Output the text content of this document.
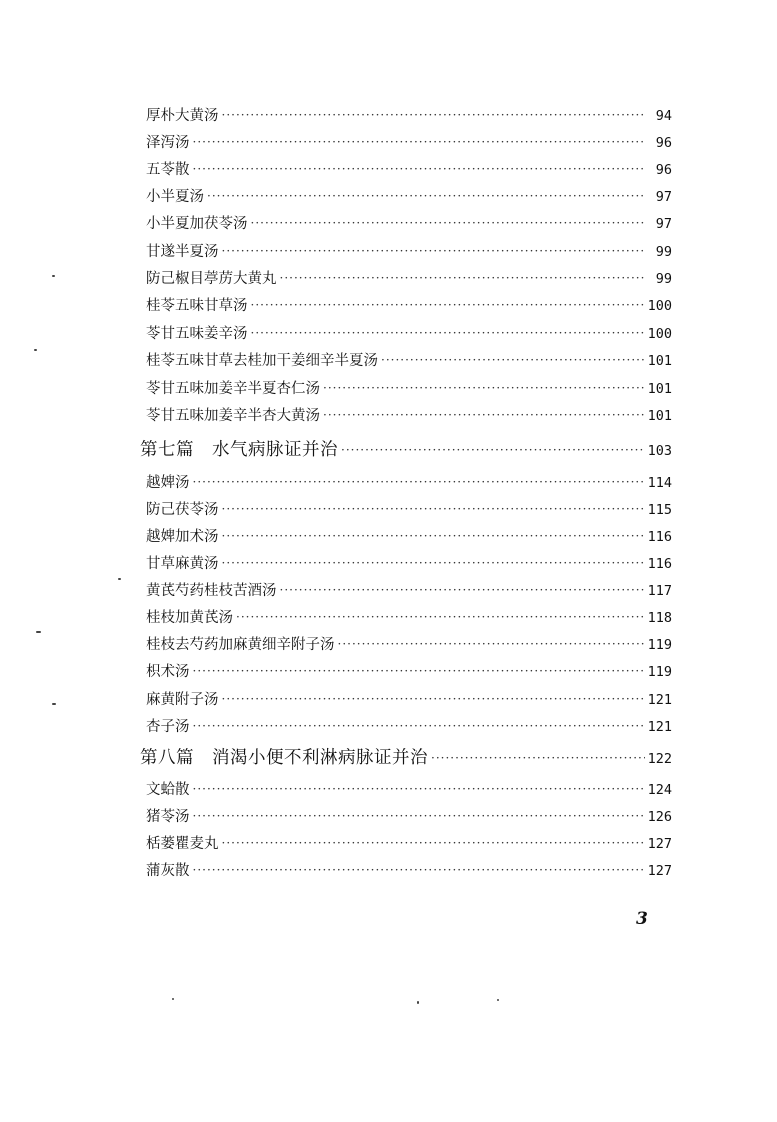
厚朴大黄汤 ·····	94
泽泻汤 ·····	96
五苓散 ·····	96
小半夏汤 ·····	97
小半夏加茯苓汤 ·····	97
甘遂半夏汤 ·····	99
防己椒目葶苈大黄丸 ·····	99
桂苓五味甘草汤 ·····	100
苓甘五味姜辛汤 ·····	100
桂苓五味甘草去桂加干姜细辛半夏汤 ·····	101
苓甘五味加姜辛半夏杏仁汤 ·····	101
苓甘五味加姜辛半杏大黄汤 ·····	101
第七篇　水气病脉证并治 ·····	103
越婢汤 ·····	114
防己茯苓汤 ·····	115
越婢加术汤 ·····	116
甘草麻黄汤 ·····	116
黄芪芍药桂枝苦酒汤 ·····	117
桂枝加黄芪汤 ·····	118
桂枝去芍药加麻黄细辛附子汤 ·····	119
枳术汤 ·····	119
麻黄附子汤 ·····	121
杏子汤 ·····	121
第八篇　消渴小便不利淋病脉证并治 ·····	122
文蛤散 ·····	124
猪苓汤 ·····	126
栝蒌瞿麦丸 ·····	127
蒲灰散 ·····	127
3
